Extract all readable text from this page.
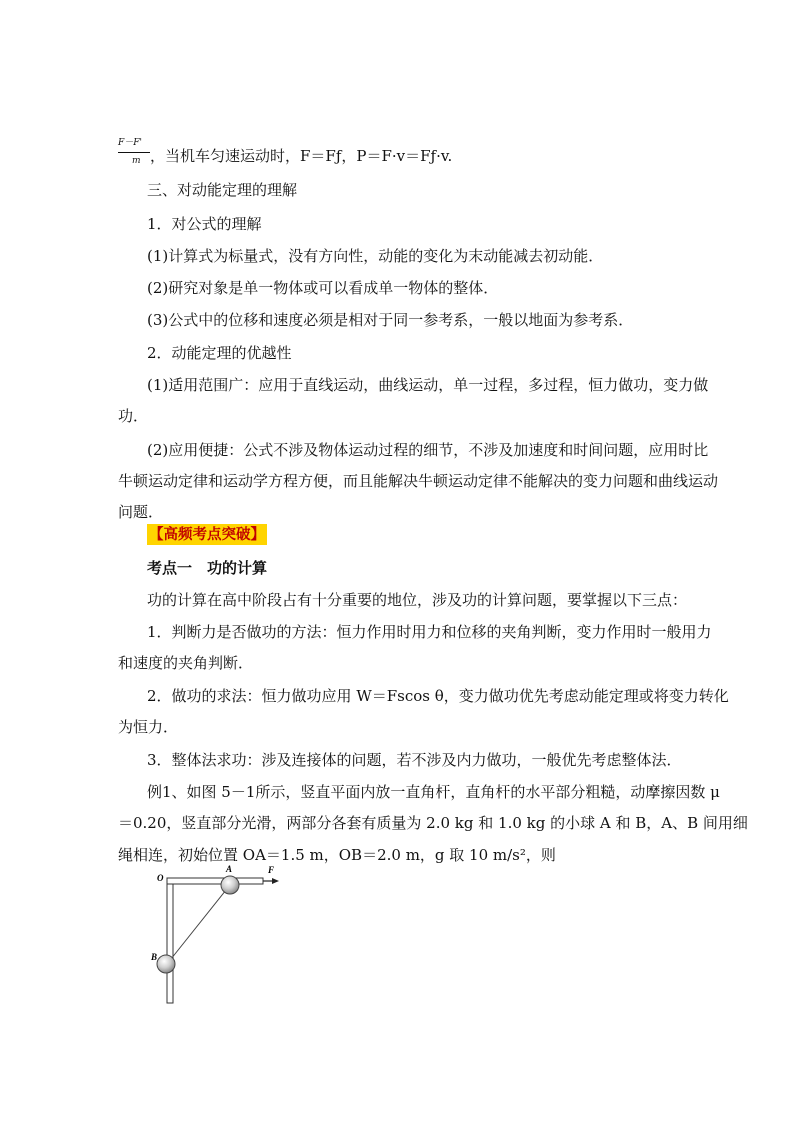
F－F'
m ，当机车匀速运动时，F＝Fƒ，P＝F·v＝Fƒ·v.
三、对动能定理的理解
1．对公式的理解
(1)计算式为标量式，没有方向性，动能的变化为末动能减去初动能．
(2)研究对象是单一物体或可以看成单一物体的整体．
(3)公式中的位移和速度必须是相对于同一参考系，一般以地面为参考系．
2．动能定理的优越性
(1)适用范围广：应用于直线运动，曲线运动，单一过程，多过程，恒力做功，变力做
功．
(2)应用便捷：公式不涉及物体运动过程的细节，不涉及加速度和时间问题，应用时比
牛顿运动定律和运动学方程方便，而且能解决牛顿运动定律不能解决的变力问题和曲线运动
问题．
【高频考点突破】
考点一　功的计算
功的计算在高中阶段占有十分重要的地位，涉及功的计算问题，要掌握以下三点：
1．判断力是否做功的方法：恒力作用时用力和位移的夹角判断，变力作用时一般用力
和速度的夹角判断．
2．做功的求法：恒力做功应用 W＝Fscos θ，变力做功优先考虑动能定理或将变力转化
为恒力．
3．整体法求功：涉及连接体的问题，若不涉及内力做功，一般优先考虑整体法．
例1、如图 5－1所示，竖直平面内放一直角杆，直角杆的水平部分粗糙，动摩擦因数 μ
＝0.20，竖直部分光滑，两部分各套有质量为 2.0 kg 和 1.0 kg 的小球 A 和 B，A、B 间用细
绳相连，初始位置 OA＝1.5 m，OB＝2.0 m，g 取 10 m/s²，则
O
A
B
F
